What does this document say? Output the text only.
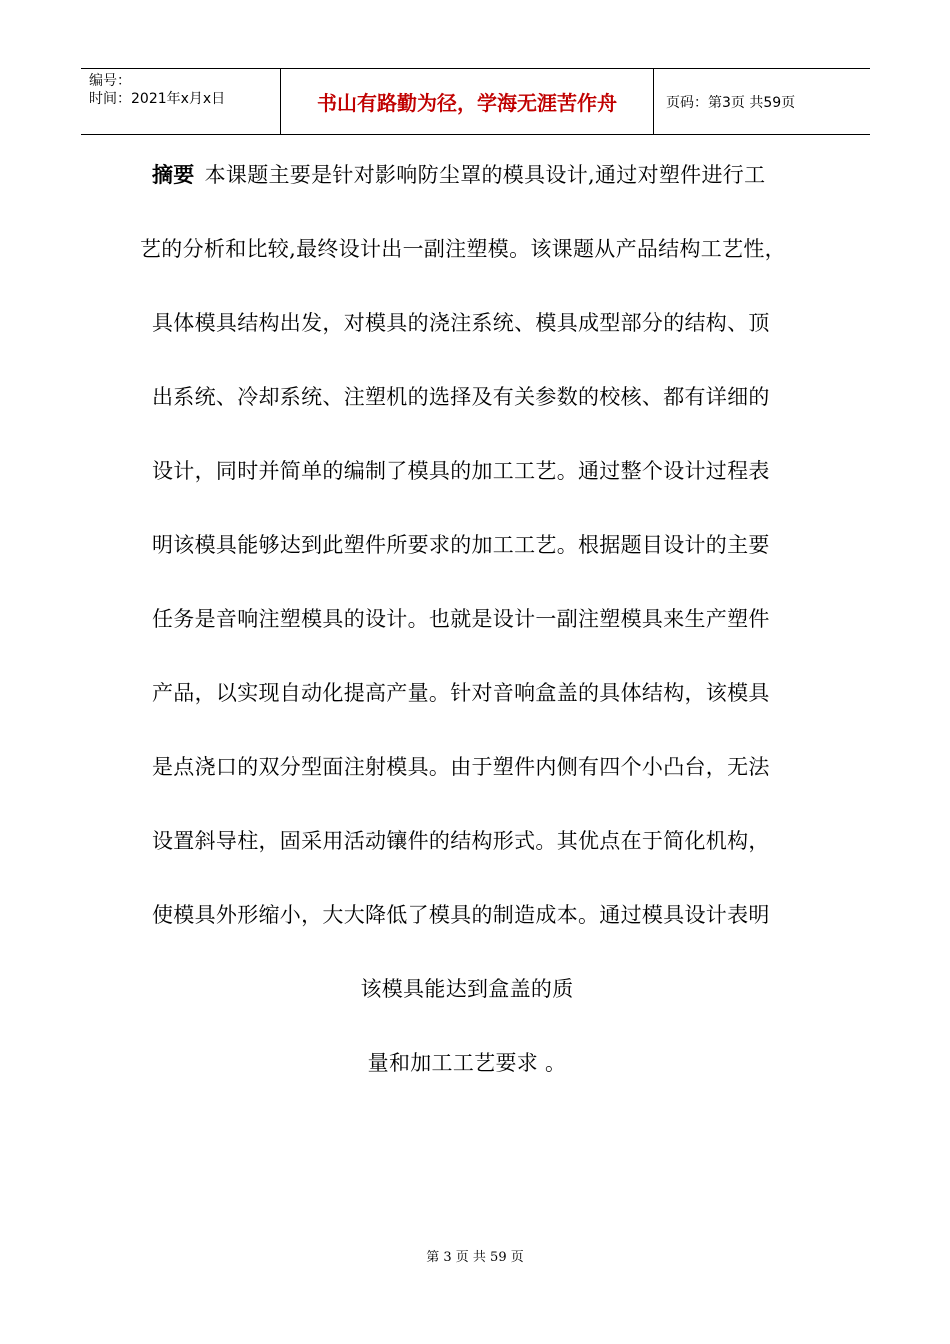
编号：
时间：2021年x月x日	书山有路勤为径，学海无涯苦作舟	页码：第3页 共59页
摘要 本课题主要是针对影响防尘罩的模具设计,通过对塑件进行工
艺的分析和比较,最终设计出一副注塑模。该课题从产品结构工艺性，
具体模具结构出发，对模具的浇注系统、模具成型部分的结构、顶
出系统、冷却系统、注塑机的选择及有关参数的校核、都有详细的
设计，同时并简单的编制了模具的加工工艺。通过整个设计过程表
明该模具能够达到此塑件所要求的加工工艺。根据题目设计的主要
任务是音响注塑模具的设计。也就是设计一副注塑模具来生产塑件
产品，以实现自动化提高产量。针对音响盒盖的具体结构，该模具
是点浇口的双分型面注射模具。由于塑件内侧有四个小凸台，无法
设置斜导柱，固采用活动镶件的结构形式。其优点在于简化机构，
使模具外形缩小，大大降低了模具的制造成本。通过模具设计表明
该模具能达到盒盖的质
量和加工工艺要求 。
第 3 页 共 59 页
